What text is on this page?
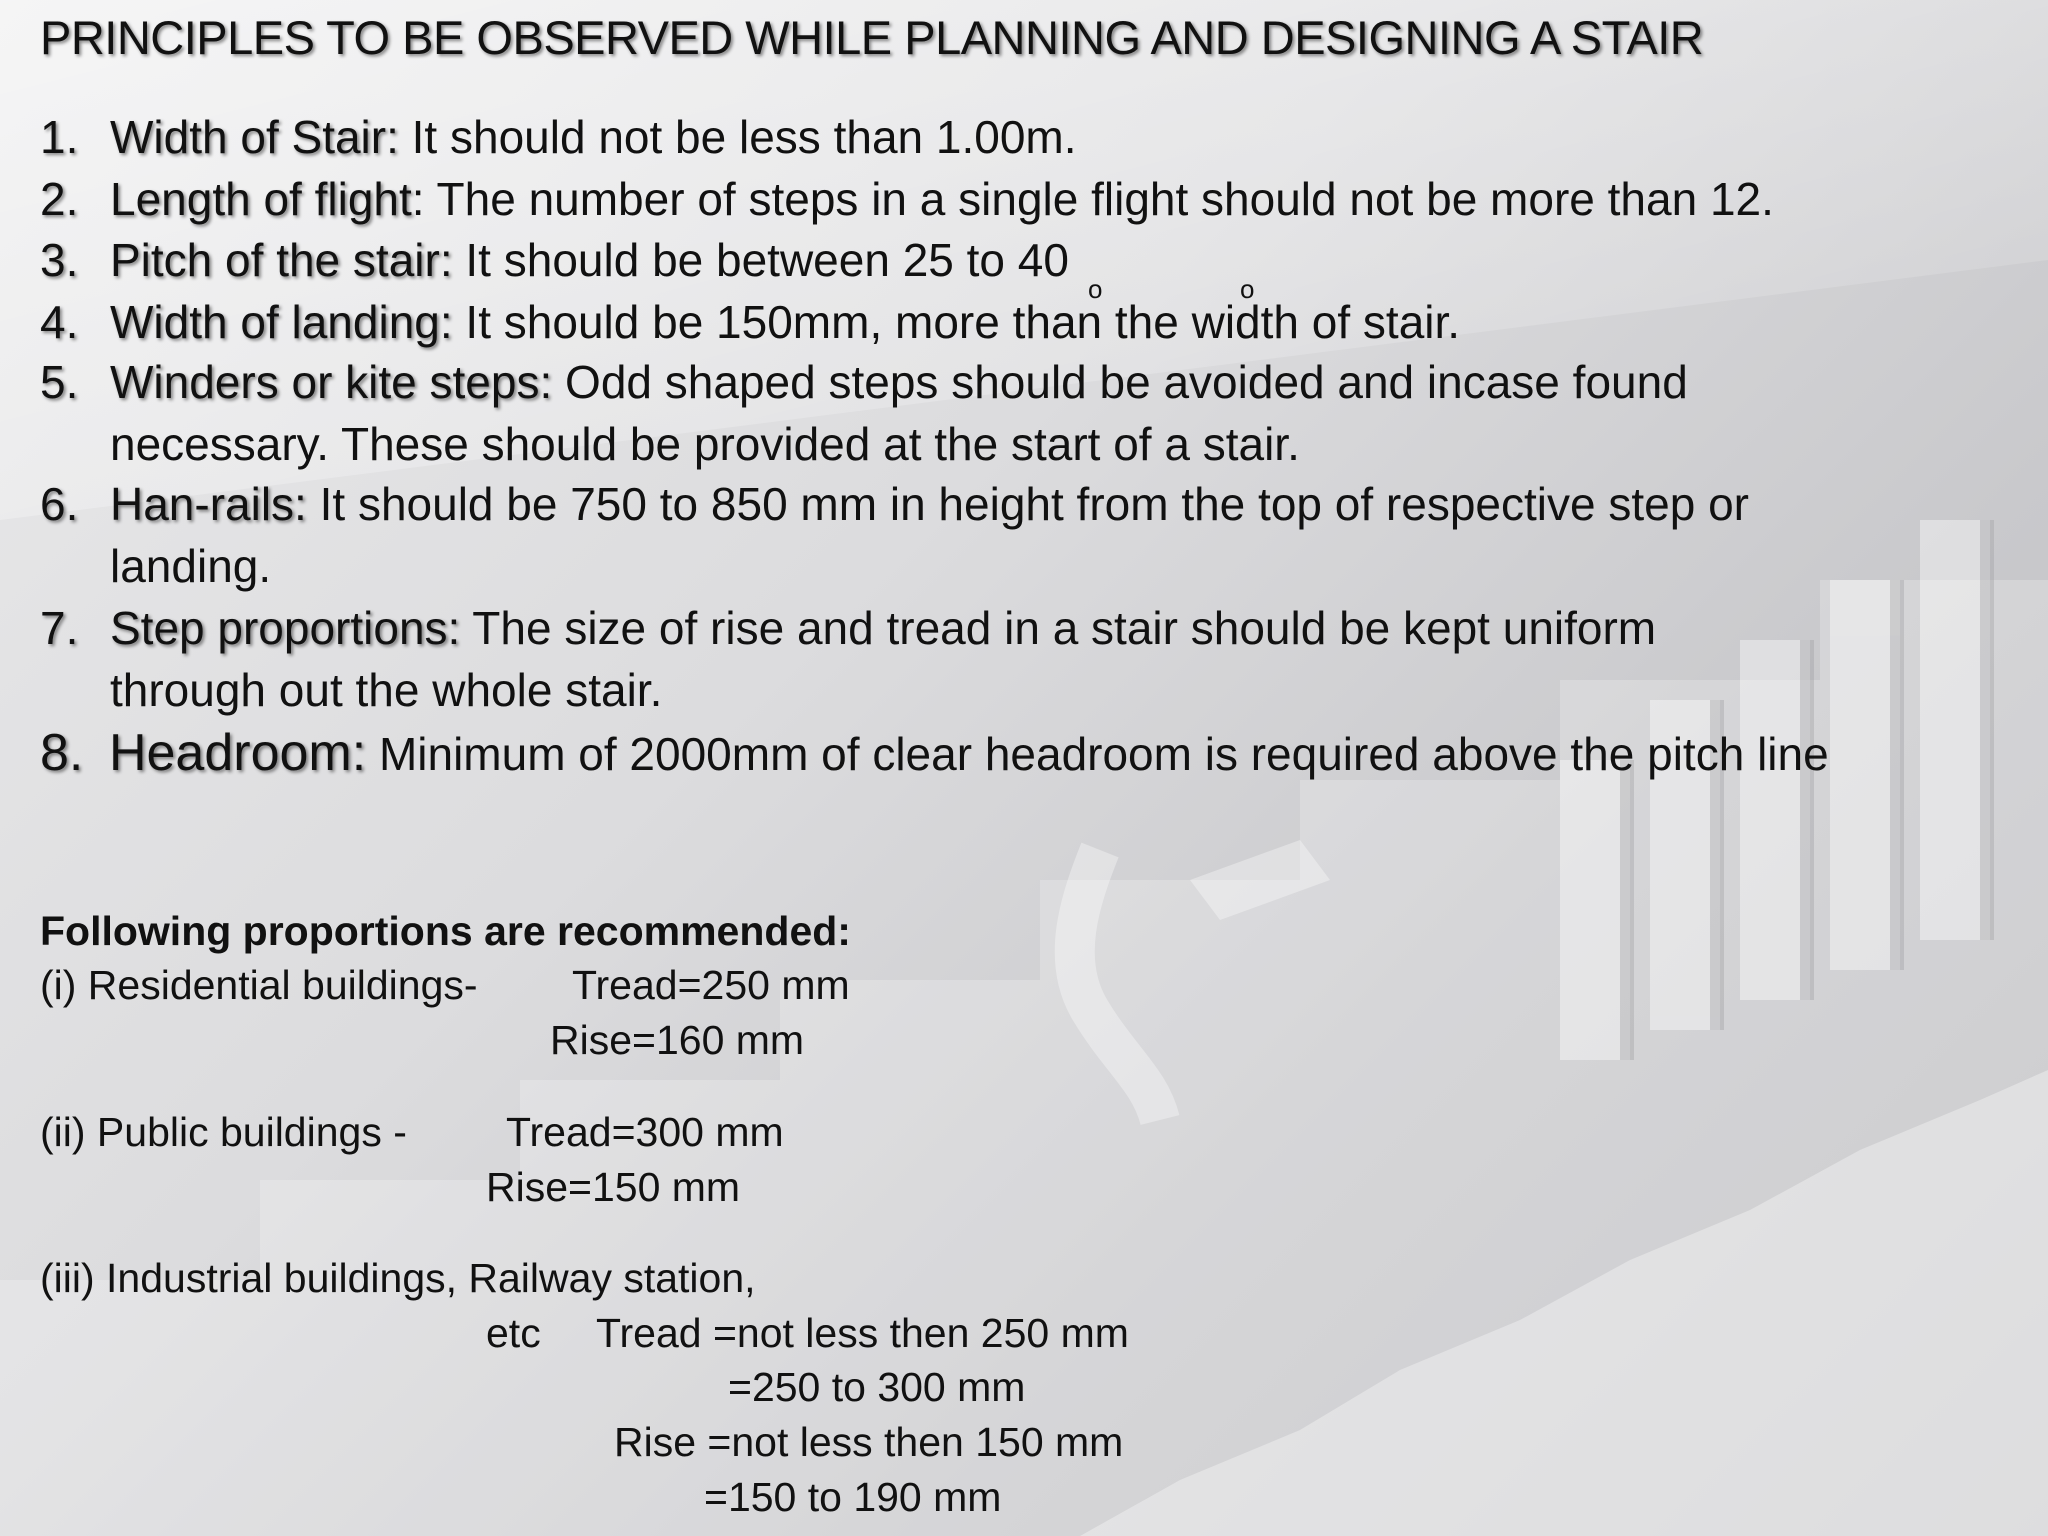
PRINCIPLES TO BE OBSERVED WHILE PLANNING AND DESIGNING A STAIR
1. Width of Stair: It should not be less than 1.00m.
2. Length of flight: The number of steps in a single flight should not be more than 12.
3. Pitch of the stair: It should be between 25 to 40
o	o
4. Width of landing: It should be 150mm, more than the width of stair.
5. Winders or kite steps: Odd shaped steps should be avoided and incase found
necessary. These should be provided at the start of a stair.
6. Han-rails: It should be 750 to 850 mm in height from the top of respective step or
landing.
7. Step proportions: The size of rise and tread in a stair should be kept uniform
through out the whole stair.
8. Headroom: Minimum of 2000mm of clear headroom is required above the pitch line
Following proportions are recommended:
(i) Residential buildings- Tread=250 mm
Rise=160 mm
(ii) Public buildings - Tread=300 mm
Rise=150 mm
(iii) Industrial buildings, Railway station,
etc Tread =not less then 250 mm
=250 to 300 mm
Rise =not less then 150 mm
=150 to 190 mm
